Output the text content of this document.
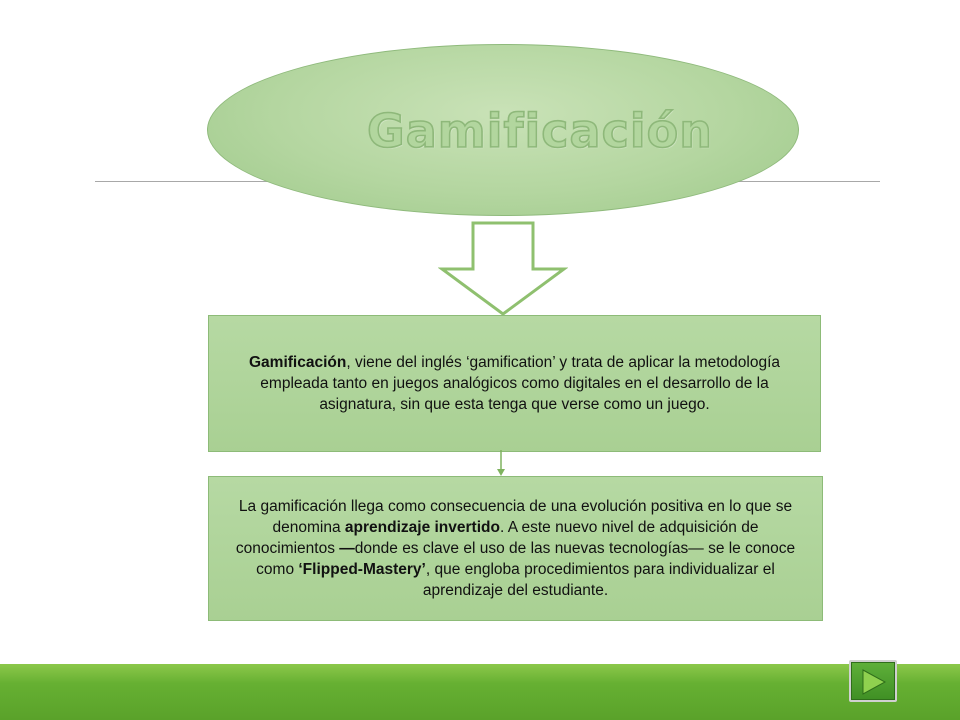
Gamificación

Gamificación, viene del inglés ‘gamification’ y trata de aplicar la metodología empleada tanto en juegos analógicos como digitales en el desarrollo de la asignatura, sin que esta tenga que verse como un juego.

La gamificación llega como consecuencia de una evolución positiva en lo que se denomina aprendizaje invertido. A este nuevo nivel de adquisición de conocimientos —donde es clave el uso de las nuevas tecnologías— se le conoce como ‘Flipped-Mastery’, que engloba procedimientos para individualizar el aprendizaje del estudiante.
